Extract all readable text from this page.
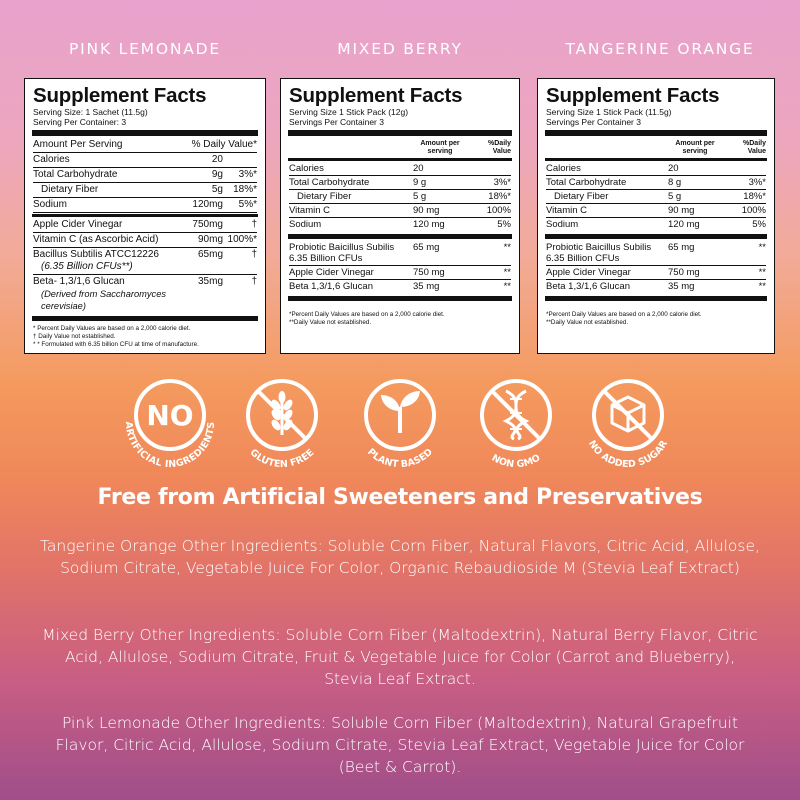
PINK LEMONADE	MIXED BERRY	TANGERINE ORANGE
Supplement Facts
Serving Size: 1 Sachet (11.5g)
Serving Per Container: 3
Amount Per Serving	% Daily Value*
Calories	20
Total Carbohydrate	9g	3%*
Dietary Fiber	5g	18%*
Sodium	120mg	5%*
Apple Cider Vinegar	750mg	†
Vitamin C (as Ascorbic Acid)	90mg 100%*
Bacillus Subtilis ATCC12226
(6.35 Billion CFUs**)
65mg	†
Beta- 1,3/1,6 Glucan
(Derived from Saccharomyces cerevisiae)
35mg	†
* Percent Daily Values are based on a 2,000 calorie diet.
† Daily Value not established.
* * Formulated with 6.35 billion CFU at time of manufacture.
Supplement Facts
Serving Size 1 Stick Pack (12g)
Servings Per Container 3
Amount per serving
%Daily Value
Calories	20
Total Carbohydrate	9 g	3%*
Dietary Fiber	5 g	18%*
Vitamin C	90 mg	100%
Sodium	120 mg	5%
Probiotic Baicillus Subilis
6.35 Billion CFUs
65 mg	**
Apple Cider Vinegar	750 mg	**
Beta 1,3/1,6 Glucan	35 mg	**
*Percent Daily Values are based on a 2,000 calorie diet.
**Daily Value not established.
Supplement Facts
Serving Size 1 Stick Pack (11.5g)
Servings Per Container 3
Amount per serving
%Daily Value
Calories	20
Total Carbohydrate	8 g	3%*
Dietary Fiber	5 g	18%*
Vitamin C	90 mg	100%
Sodium	120 mg	5%
Probiotic Baicillus Subilis
6.35 Billion CFUs
65 mg	**
Apple Cider Vinegar	750 mg	**
Beta 1,3/1,6 Glucan	35 mg	**
*Percent Daily Values are based on a 2,000 calorie diet.
**Daily Value not established.
NO
ARTIFICIAL INGREDIENTS
GLUTEN FREE	PLANT BASED	NON GMO
NO ADDED SUGAR
Free from Artificial Sweeteners and Preservatives
Tangerine Orange Other Ingredients: Soluble Corn Fiber, Natural Flavors, Citric Acid, Allulose, Sodium Citrate, Vegetable Juice For Color, Organic Rebaudioside M (Stevia Leaf Extract)
Mixed Berry Other Ingredients: Soluble Corn Fiber (Maltodextrin), Natural Berry Flavor, Citric Acid, Allulose, Sodium Citrate, Fruit & Vegetable Juice for Color (Carrot and Blueberry), Stevia Leaf Extract.
Pink Lemonade Other Ingredients: Soluble Corn Fiber (Maltodextrin), Natural Grapefruit Flavor, Citric Acid, Allulose, Sodium Citrate, Stevia Leaf Extract, Vegetable Juice for Color (Beet & Carrot).
